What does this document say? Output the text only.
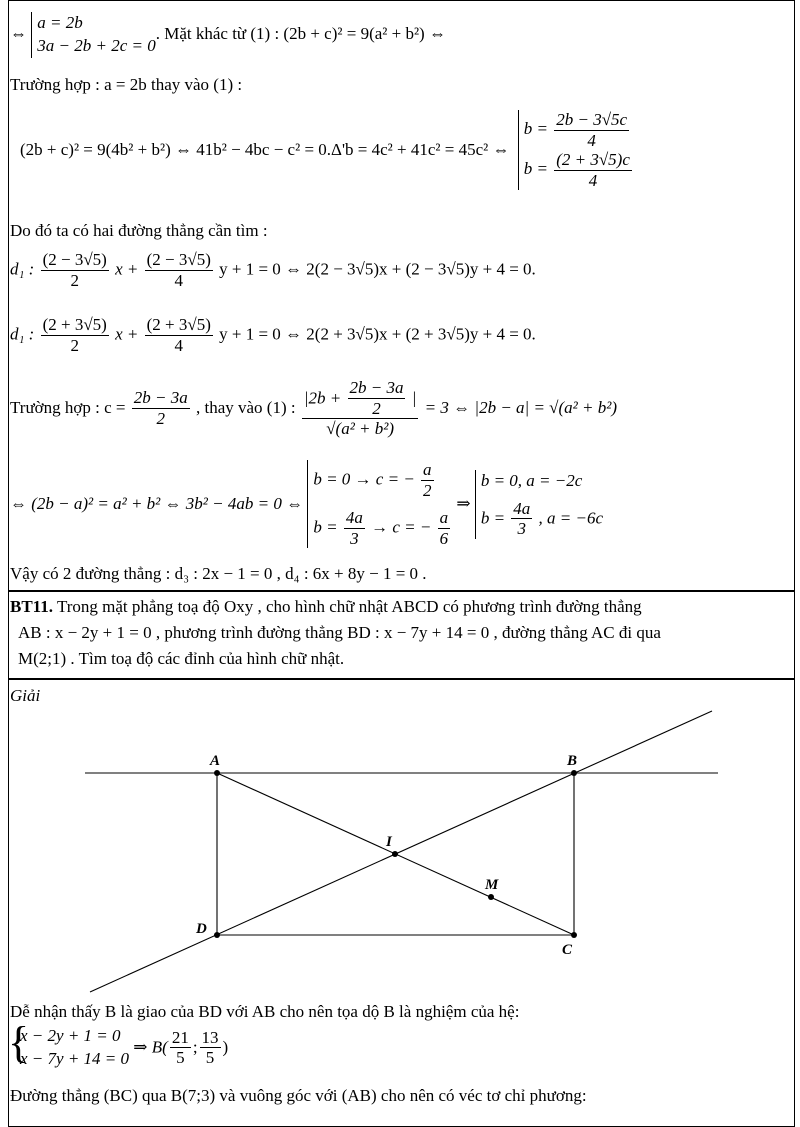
⇔
a = 2b
3a − 2b + 2c = 0
. Mặt khác từ (1) : (2b + c)² = 9(a² + b²) ⇔
Trường hợp : a = 2b thay vào (1) :
(2b + c)² = 9(4b² + b²) ⇔ 41b² − 4bc − c² = 0.Δ'b = 4c² + 41c² = 45c² ⇔
$b = \frac{2b - 3√5c}{4}$
$b = \frac{(2 + 3√5)c}{4}$
Do đó ta có hai đường thẳng cần tìm :
d₁ : $\frac{(2 - 3√5)}{2}$ $x + \frac{(2 - 3√5)}{4}$ y + 1 = 0 ⇔ 2(2 − 3√5)x + (2 − 3√5)y + 4 = 0.
d₁ : $\frac{(2 + 3√5)}{2}$ $x + \frac{(2 + 3√5)}{4}$ y + 1 = 0 ⇔ 2(2 + 3√5)x + (2 + 3√5)y + 4 = 0.
Trường hợp : $c = \frac{2b - 3a}{2}$ , thay vào (1) : $\frac{|2b + \frac{2b - 3a}{2} |}{\text{√(a² + b²)}} = 3$ ⇔ |2b − a| = √(a² + b²)
⇔ (2b − a)² = a² + b² ⇔ 3b² − 4ab = 0 ⇔
b = 0 → c = − $\frac{a}{2}$
$b = \frac{4a}{3} \to c$ = − $\frac{a}{6}$
⇒
b = 0, a = −2c
$b = \frac{4a}{3}$ , a = −6c
Vậy có 2 đường thẳng : d₃ : 2x − 1 = 0 , d₄ : 6x + 8y − 1 = 0 .
BT11. Trong mặt phẳng toạ độ Oxy , cho hình chữ nhật ABCD có phương trình đường thẳng
AB : x − 2y + 1 = 0 , phương trình đường thẳng BD : x − 7y + 14 = 0 , đường thẳng AC đi qua
M(2;1) . Tìm toạ độ các đỉnh của hình chữ nhật.
Giải
A	B
C
D
I
M
Dễ nhận thấy B là giao của BD với AB cho nên tọa dộ B là nghiệm của hệ:
{
x − 2y + 1 = 0
x − 7y + 14 = 0
⇒ $B( \frac{21}{5}$ ; $\frac{13}{5}$ )
Đường thẳng (BC) qua B(7;3) và vuông góc với (AB) cho nên có véc tơ chỉ phương:
